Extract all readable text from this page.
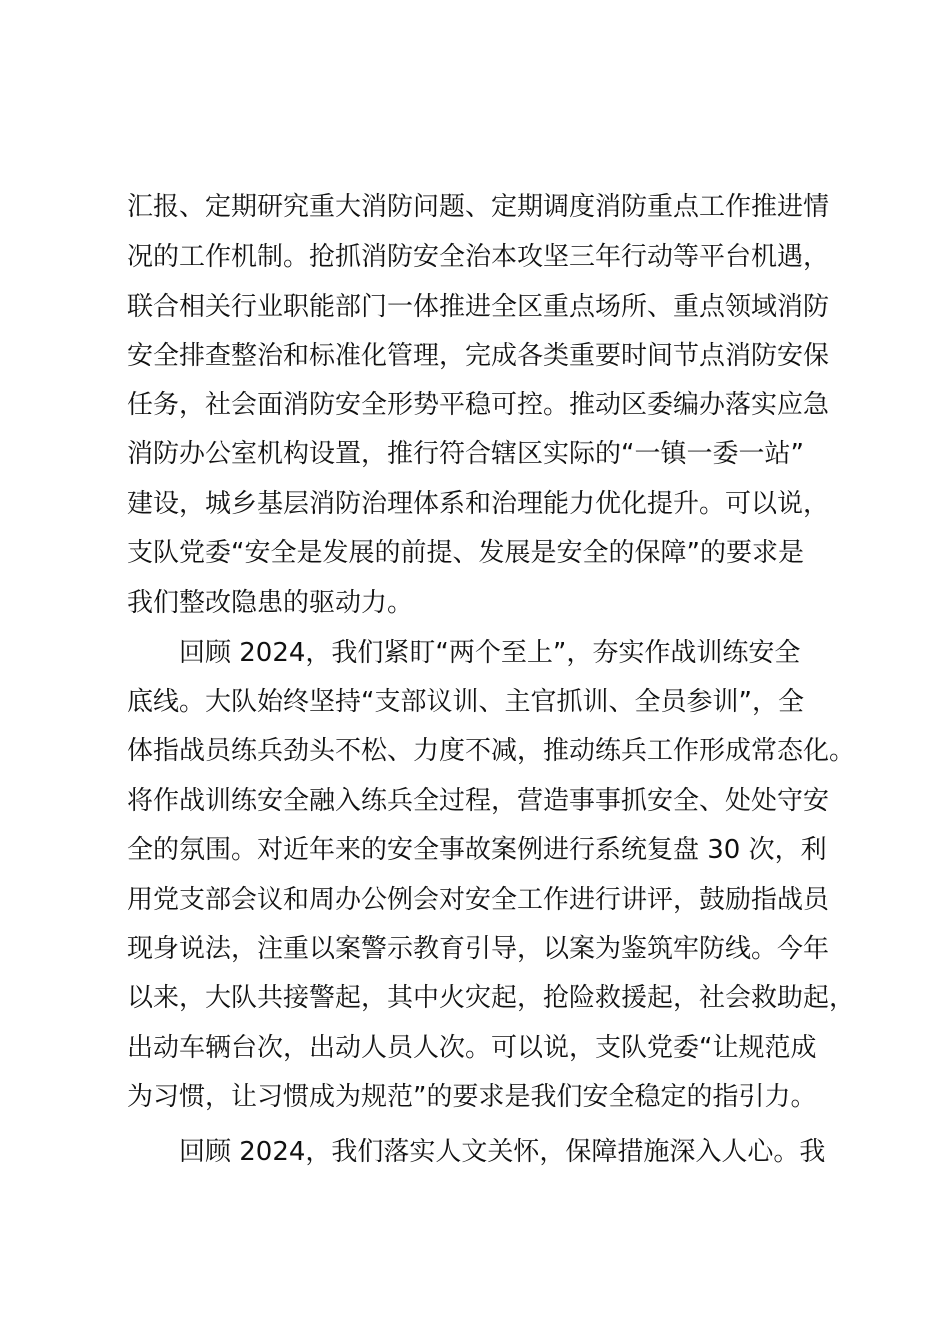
汇报、定期研究重大消防问题、定期调度消防重点工作推进情
况的工作机制。抢抓消防安全治本攻坚三年行动等平台机遇，
联合相关行业职能部门一体推进全区重点场所、重点领域消防
安全排查整治和标准化管理，完成各类重要时间节点消防安保
任务，社会面消防安全形势平稳可控。推动区委编办落实应急
消防办公室机构设置，推行符合辖区实际的“一镇一委一站”
建设，城乡基层消防治理体系和治理能力优化提升。可以说，
支队党委“安全是发展的前提、发展是安全的保障”的要求是
我们整改隐患的驱动力。
回顾 2024，我们紧盯“两个至上”，夯实作战训练安全
底线。大队始终坚持“支部议训、主官抓训、全员参训”，全
体指战员练兵劲头不松、力度不减，推动练兵工作形成常态化。
将作战训练安全融入练兵全过程，营造事事抓安全、处处守安
全的氛围。对近年来的安全事故案例进行系统复盘 30 次，利
用党支部会议和周办公例会对安全工作进行讲评，鼓励指战员
现身说法，注重以案警示教育引导，以案为鉴筑牢防线。今年
以来，大队共接警起，其中火灾起，抢险救援起，社会救助起，
出动车辆台次，出动人员人次。可以说，支队党委“让规范成
为习惯，让习惯成为规范”的要求是我们安全稳定的指引力。
回顾 2024，我们落实人文关怀，保障措施深入人心。我
